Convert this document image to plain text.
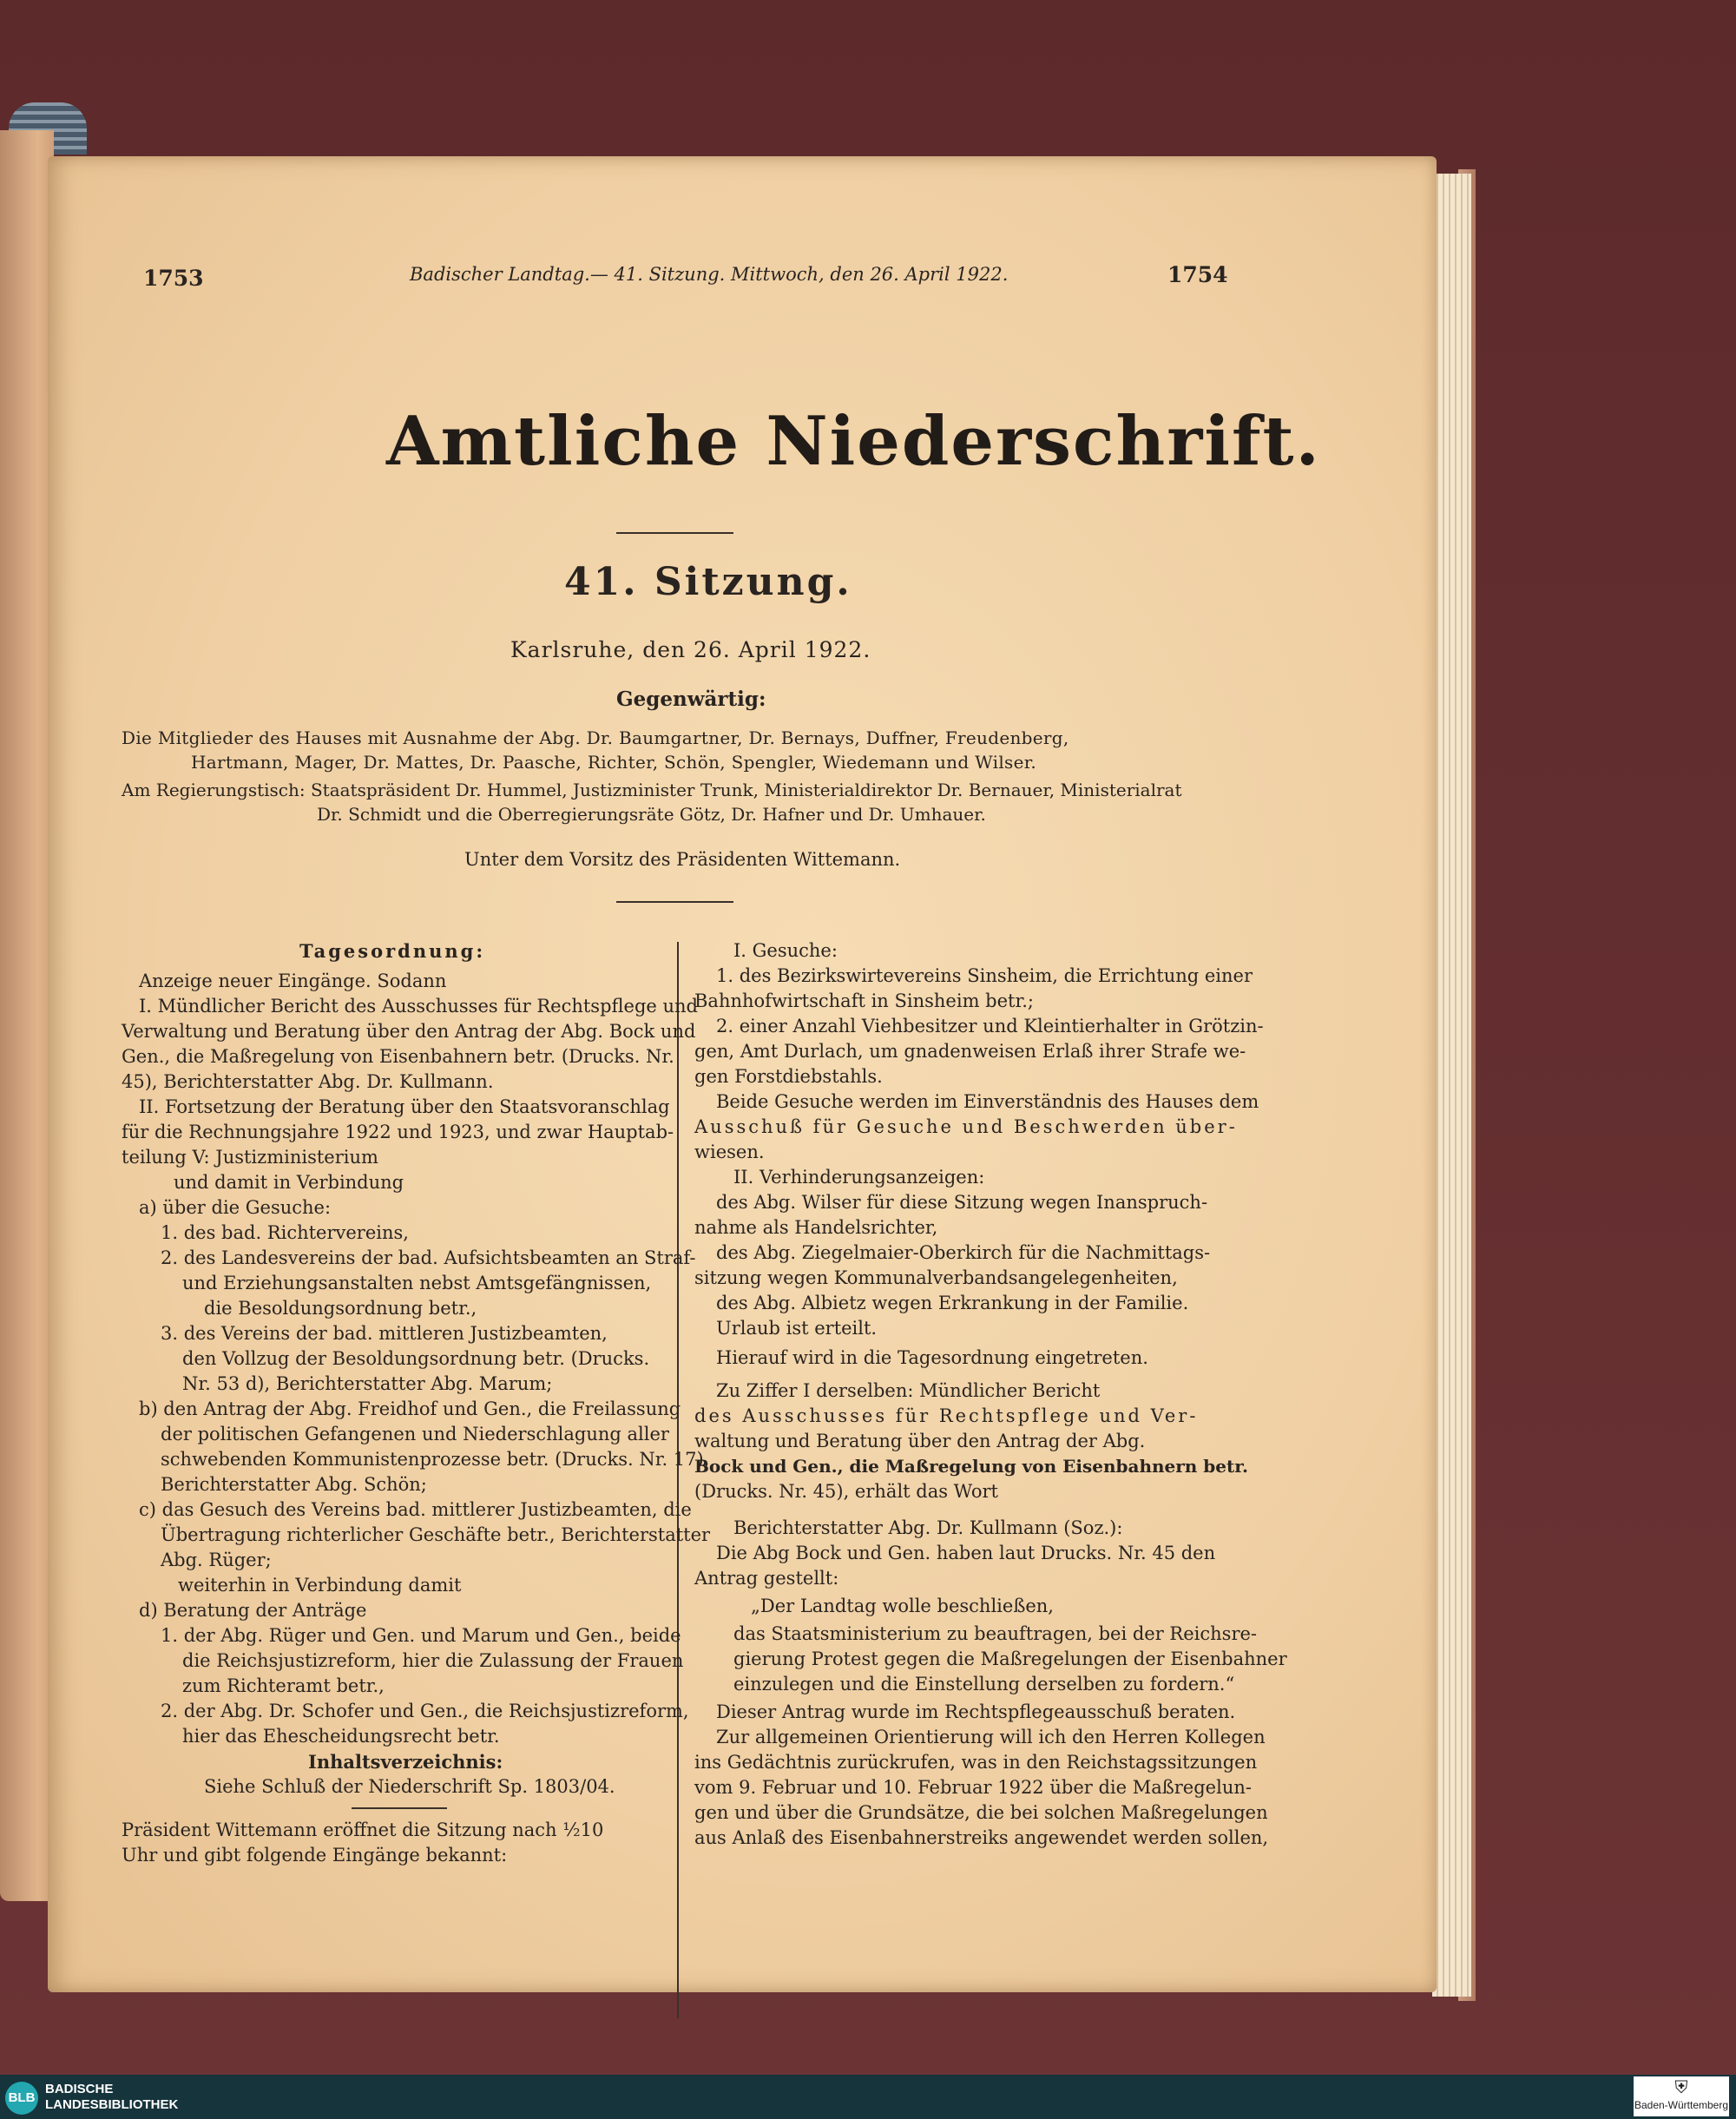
1753	Badischer Landtag.— 41. Sitzung. Mittwoch, den 26. April 1922.	1754
Amtliche Niederschrift.
41. Sitzung.
Karlsruhe, den 26. April 1922.
Gegenwärtig:
Die Mitglieder des Hauses mit Ausnahme der Abg. Dr. Baumgartner, Dr. Bernays, Duffner, Freudenberg,
Hartmann, Mager, Dr. Mattes, Dr. Paasche, Richter, Schön, Spengler, Wiedemann und Wilser.
Am Regierungstisch: Staatspräsident Dr. Hummel, Justizminister Trunk, Ministerialdirektor Dr. Bernauer, Ministerialrat
Dr. Schmidt und die Oberregierungsräte Götz, Dr. Hafner und Dr. Umhauer.
Unter dem Vorsitz des Präsidenten Wittemann.
Tagesordnung:
Anzeige neuer Eingänge. Sodann
I. Mündlicher Bericht des Ausschusses für Rechtspflege und
Verwaltung und Beratung über den Antrag der Abg. Bock und
Gen., die Maßregelung von Eisenbahnern betr. (Drucks. Nr.
45), Berichterstatter Abg. Dr. Kullmann.
II. Fortsetzung der Beratung über den Staatsvoranschlag
für die Rechnungsjahre 1922 und 1923, und zwar Hauptab-
teilung V: Justizministerium
und damit in Verbindung
a) über die Gesuche:
1. des bad. Richtervereins,
2. des Landesvereins der bad. Aufsichtsbeamten an Straf-
und Erziehungsanstalten nebst Amtsgefängnissen,
die Besoldungsordnung betr.,
3. des Vereins der bad. mittleren Justizbeamten,
den Vollzug der Besoldungsordnung betr. (Drucks.
Nr. 53 d), Berichterstatter Abg. Marum;
b) den Antrag der Abg. Freidhof und Gen., die Freilassung
der politischen Gefangenen und Niederschlagung aller
schwebenden Kommunistenprozesse betr. (Drucks. Nr. 17),
Berichterstatter Abg. Schön;
c) das Gesuch des Vereins bad. mittlerer Justizbeamten, die
Übertragung richterlicher Geschäfte betr., Berichterstatter
Abg. Rüger;
weiterhin in Verbindung damit
d) Beratung der Anträge
1. der Abg. Rüger und Gen. und Marum und Gen., beide
die Reichsjustizreform, hier die Zulassung der Frauen
zum Richteramt betr.,
2. der Abg. Dr. Schofer und Gen., die Reichsjustizreform,
hier das Ehescheidungsrecht betr.
Inhaltsverzeichnis:
Siehe Schluß der Niederschrift Sp. 1803/04.
Präsident Wittemann eröffnet die Sitzung nach ½10
Uhr und gibt folgende Eingänge bekannt:
I. Gesuche:
1. des Bezirkswirtevereins Sinsheim, die Errichtung einer
Bahnhofwirtschaft in Sinsheim betr.;
2. einer Anzahl Viehbesitzer und Kleintierhalter in Grötzin-
gen, Amt Durlach, um gnadenweisen Erlaß ihrer Strafe we-
gen Forstdiebstahls.
Beide Gesuche werden im Einverständnis des Hauses dem
Ausschuß für Gesuche und Beschwerden über-
wiesen.
II. Verhinderungsanzeigen:
des Abg. Wilser für diese Sitzung wegen Inanspruch-
nahme als Handelsrichter,
des Abg. Ziegelmaier-Oberkirch für die Nachmittags-
sitzung wegen Kommunalverbandsangelegenheiten,
des Abg. Albietz wegen Erkrankung in der Familie.
Urlaub ist erteilt.
Hierauf wird in die Tagesordnung eingetreten.
Zu Ziffer I derselben: Mündlicher Bericht
des Ausschusses für Rechtspflege und Ver-
waltung und Beratung über den Antrag der Abg.
Bock und Gen., die Maßregelung von Eisenbahnern betr.
(Drucks. Nr. 45), erhält das Wort
Berichterstatter Abg. Dr. Kullmann (Soz.):
Die Abg Bock und Gen. haben laut Drucks. Nr. 45 den
Antrag gestellt:
„Der Landtag wolle beschließen,
das Staatsministerium zu beauftragen, bei der Reichsre-
gierung Protest gegen die Maßregelungen der Eisenbahner
einzulegen und die Einstellung derselben zu fordern.“
Dieser Antrag wurde im Rechtspflegeausschuß beraten.
Zur allgemeinen Orientierung will ich den Herren Kollegen
ins Gedächtnis zurückrufen, was in den Reichstagssitzungen
vom 9. Februar und 10. Februar 1922 über die Maßregelun-
gen und über die Grundsätze, die bei solchen Maßregelungen
aus Anlaß des Eisenbahnerstreiks angewendet werden sollen,
BLB
BADISCHE
LANDESBIBLIOTHEK
⛨
Baden-Württemberg
